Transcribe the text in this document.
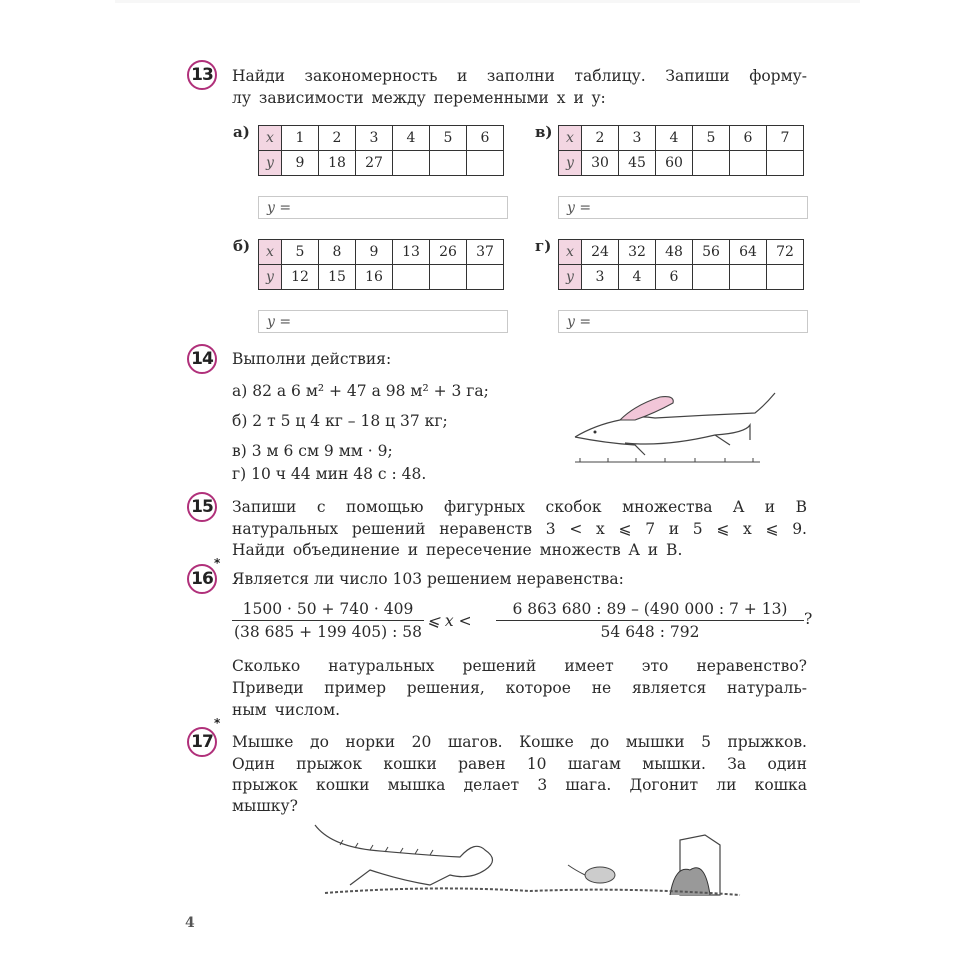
13 Найди закономерность и заполни таблицу. Запиши форму-
лу зависимости между переменными x и y:
а) x	1	2	3	4	5	6
y	9	18	27			
y =
в) x	2	3	4	5	6	7
y	30	45	60			
y =
б) x	5	8	9	13	26	37
y	12	15	16			
y =
г) x	24	32	48	56	64	72
y	3	4	6			
y =
14 Выполни действия:
а) 82 а 6 м² + 47 а 98 м² + 3 га;
б) 2 т 5 ц 4 кг – 18 ц 37 кг;
в) 3 м 6 см 9 мм · 9;
г) 10 ч 44 мин 48 с : 48.
15 Запиши с помощью фигурных скобок множества A и B
натуральных решений неравенств 3 < x ⩽ 7 и 5 ⩽ x ⩽ 9.
Найди объединение и пересечение множеств A и B.
16
*
Является ли число 103 решением неравенства:
$\frac{1500 \cdot 50 + 740 \cdot 409}{(38 685 + 199 405) : 58}$ ⩽ $x < \frac{6 863 680 : 89 - (490 000 : 7 + 13)}{54 648 : 792}$ ?
Сколько натуральных решений имеет это неравенство?
Приведи пример решения, которое не является натураль-
ным числом.
17
*
Мышке до норки 20 шагов. Кошке до мышки 5 прыжков.
Один прыжок кошки равен 10 шагам мышки. За один
прыжок кошки мышка делает 3 шага. Догонит ли кошка
мышку?
4
